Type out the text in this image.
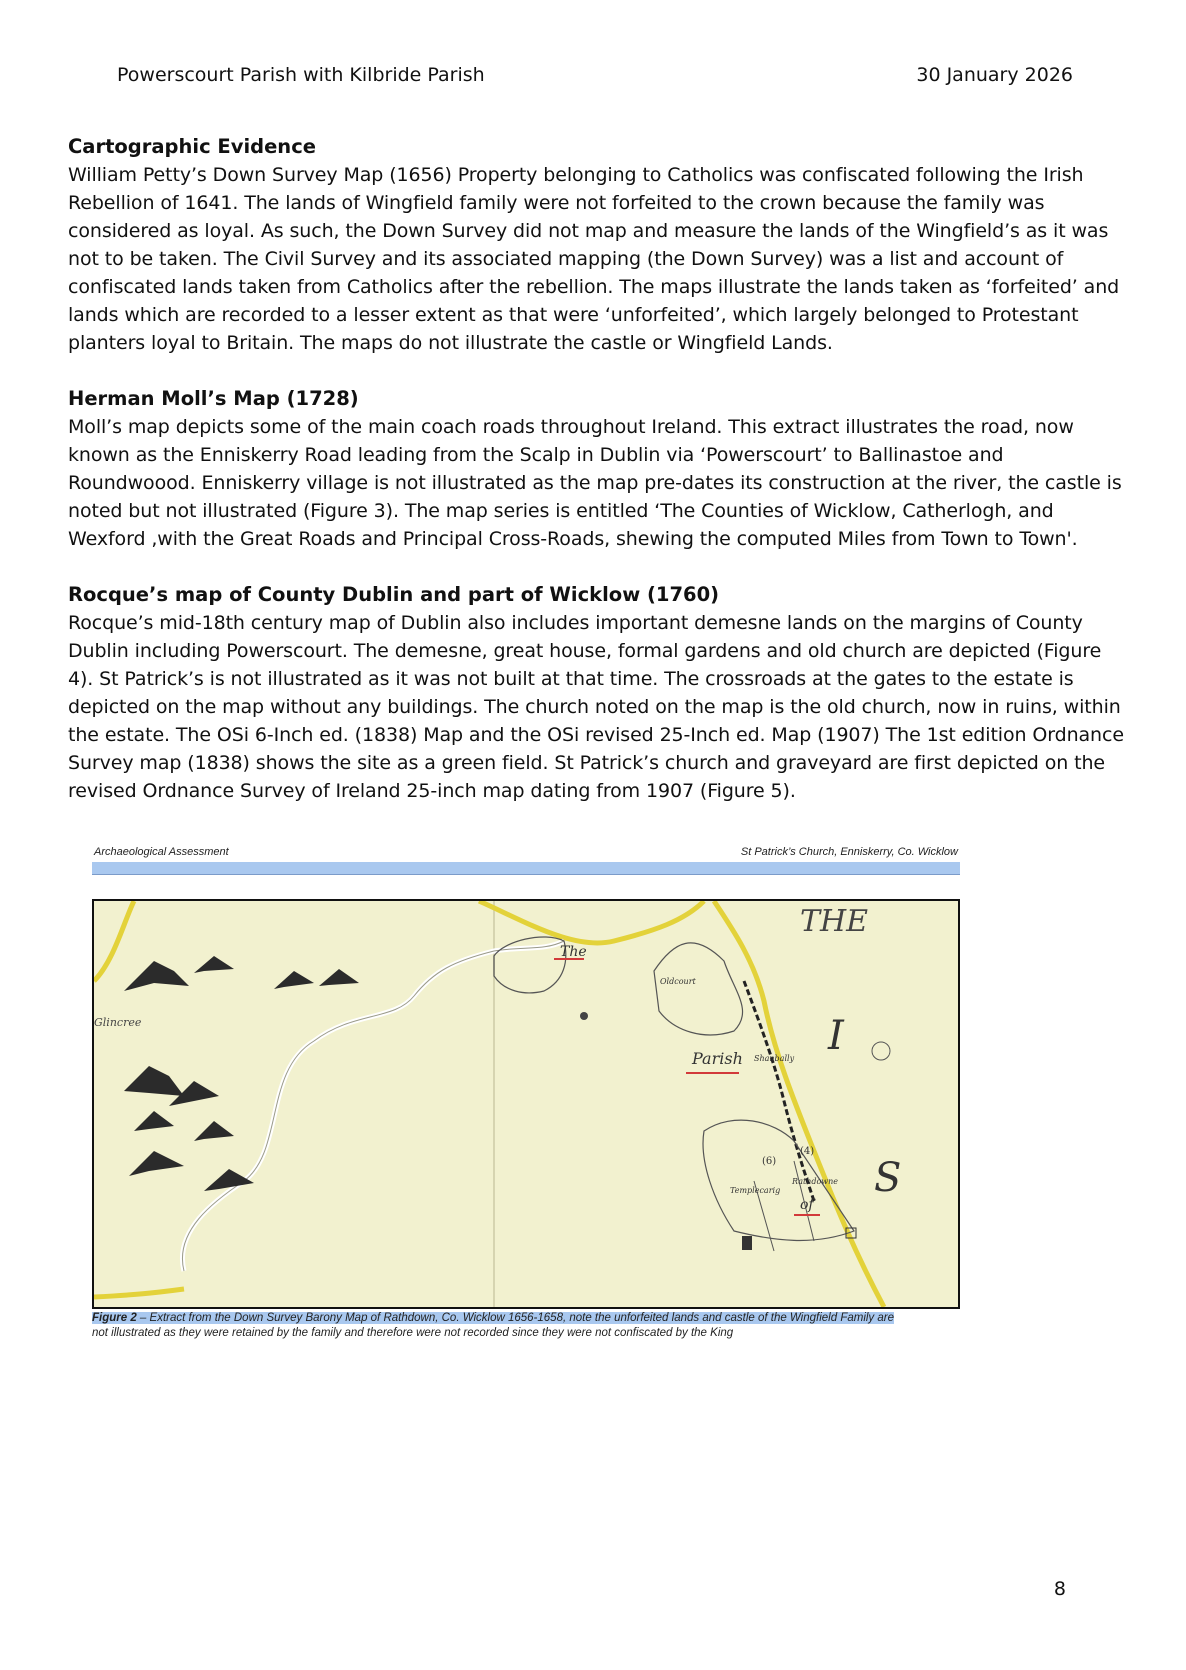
Powerscourt Parish with Kilbride Parish	30 January 2026

Cartographic Evidence

William Petty’s Down Survey Map (1656) Property belonging to Catholics was confiscated following the Irish Rebellion of 1641. The lands of Wingfield family were not forfeited to the crown because the family was considered as loyal. As such, the Down Survey did not map and measure the lands of the Wingfield’s as it was not to be taken. The Civil Survey and its associated mapping (the Down Survey) was a list and account of confiscated lands taken from Catholics after the rebellion. The maps illustrate the lands taken as ‘forfeited’ and lands which are recorded to a lesser extent as that were ‘unforfeited’, which largely belonged to Protestant planters loyal to Britain. The maps do not illustrate the castle or Wingfield Lands.

Herman Moll’s Map (1728)

Moll’s map depicts some of the main coach roads throughout Ireland. This extract illustrates the road, now known as the Enniskerry Road leading from the Scalp in Dublin via ‘Powerscourt’ to Ballinastoe and Roundwoood. Enniskerry village is not illustrated as the map pre-dates its construction at the river, the castle is noted but not illustrated (Figure 3). The map series is entitled ‘The Counties of Wicklow, Catherlogh, and Wexford ,with the Great Roads and Principal Cross-Roads, shewing the computed Miles from Town to Town'.

Rocque’s map of County Dublin and part of Wicklow (1760)

Rocque’s mid-18th century map of Dublin also includes important demesne lands on the margins of County Dublin including Powerscourt. The demesne, great house, formal gardens and old church are depicted (Figure 4). St Patrick’s is not illustrated as it was not built at that time. The crossroads at the gates to the estate is depicted on the map without any buildings. The church noted on the map is the old church, now in ruins, within the estate. The OSi 6-Inch ed. (1838) Map and the OSi revised 25-Inch ed. Map (1907) The 1st edition Ordnance Survey map (1838) shows the site as a green field. St Patrick’s church and graveyard are first depicted on the revised Ordnance Survey of Ireland 25-inch map dating from 1907 (Figure 5).

Archaeological Assessment	St Patrick’s Church, Enniskerry, Co. Wicklow
The
THE
Glincree
Oldcourt
Parish Shanbally I
S
(6)
(4)
Templecarig
Rathdowne
of
Figure 2 – Extract from the Down Survey Barony Map of Rathdown, Co. Wicklow 1656-1658, note the unforfeited lands and castle of the Wingfield Family are
not illustrated as they were retained by the family and therefore were not recorded since they were not confiscated by the King
8
